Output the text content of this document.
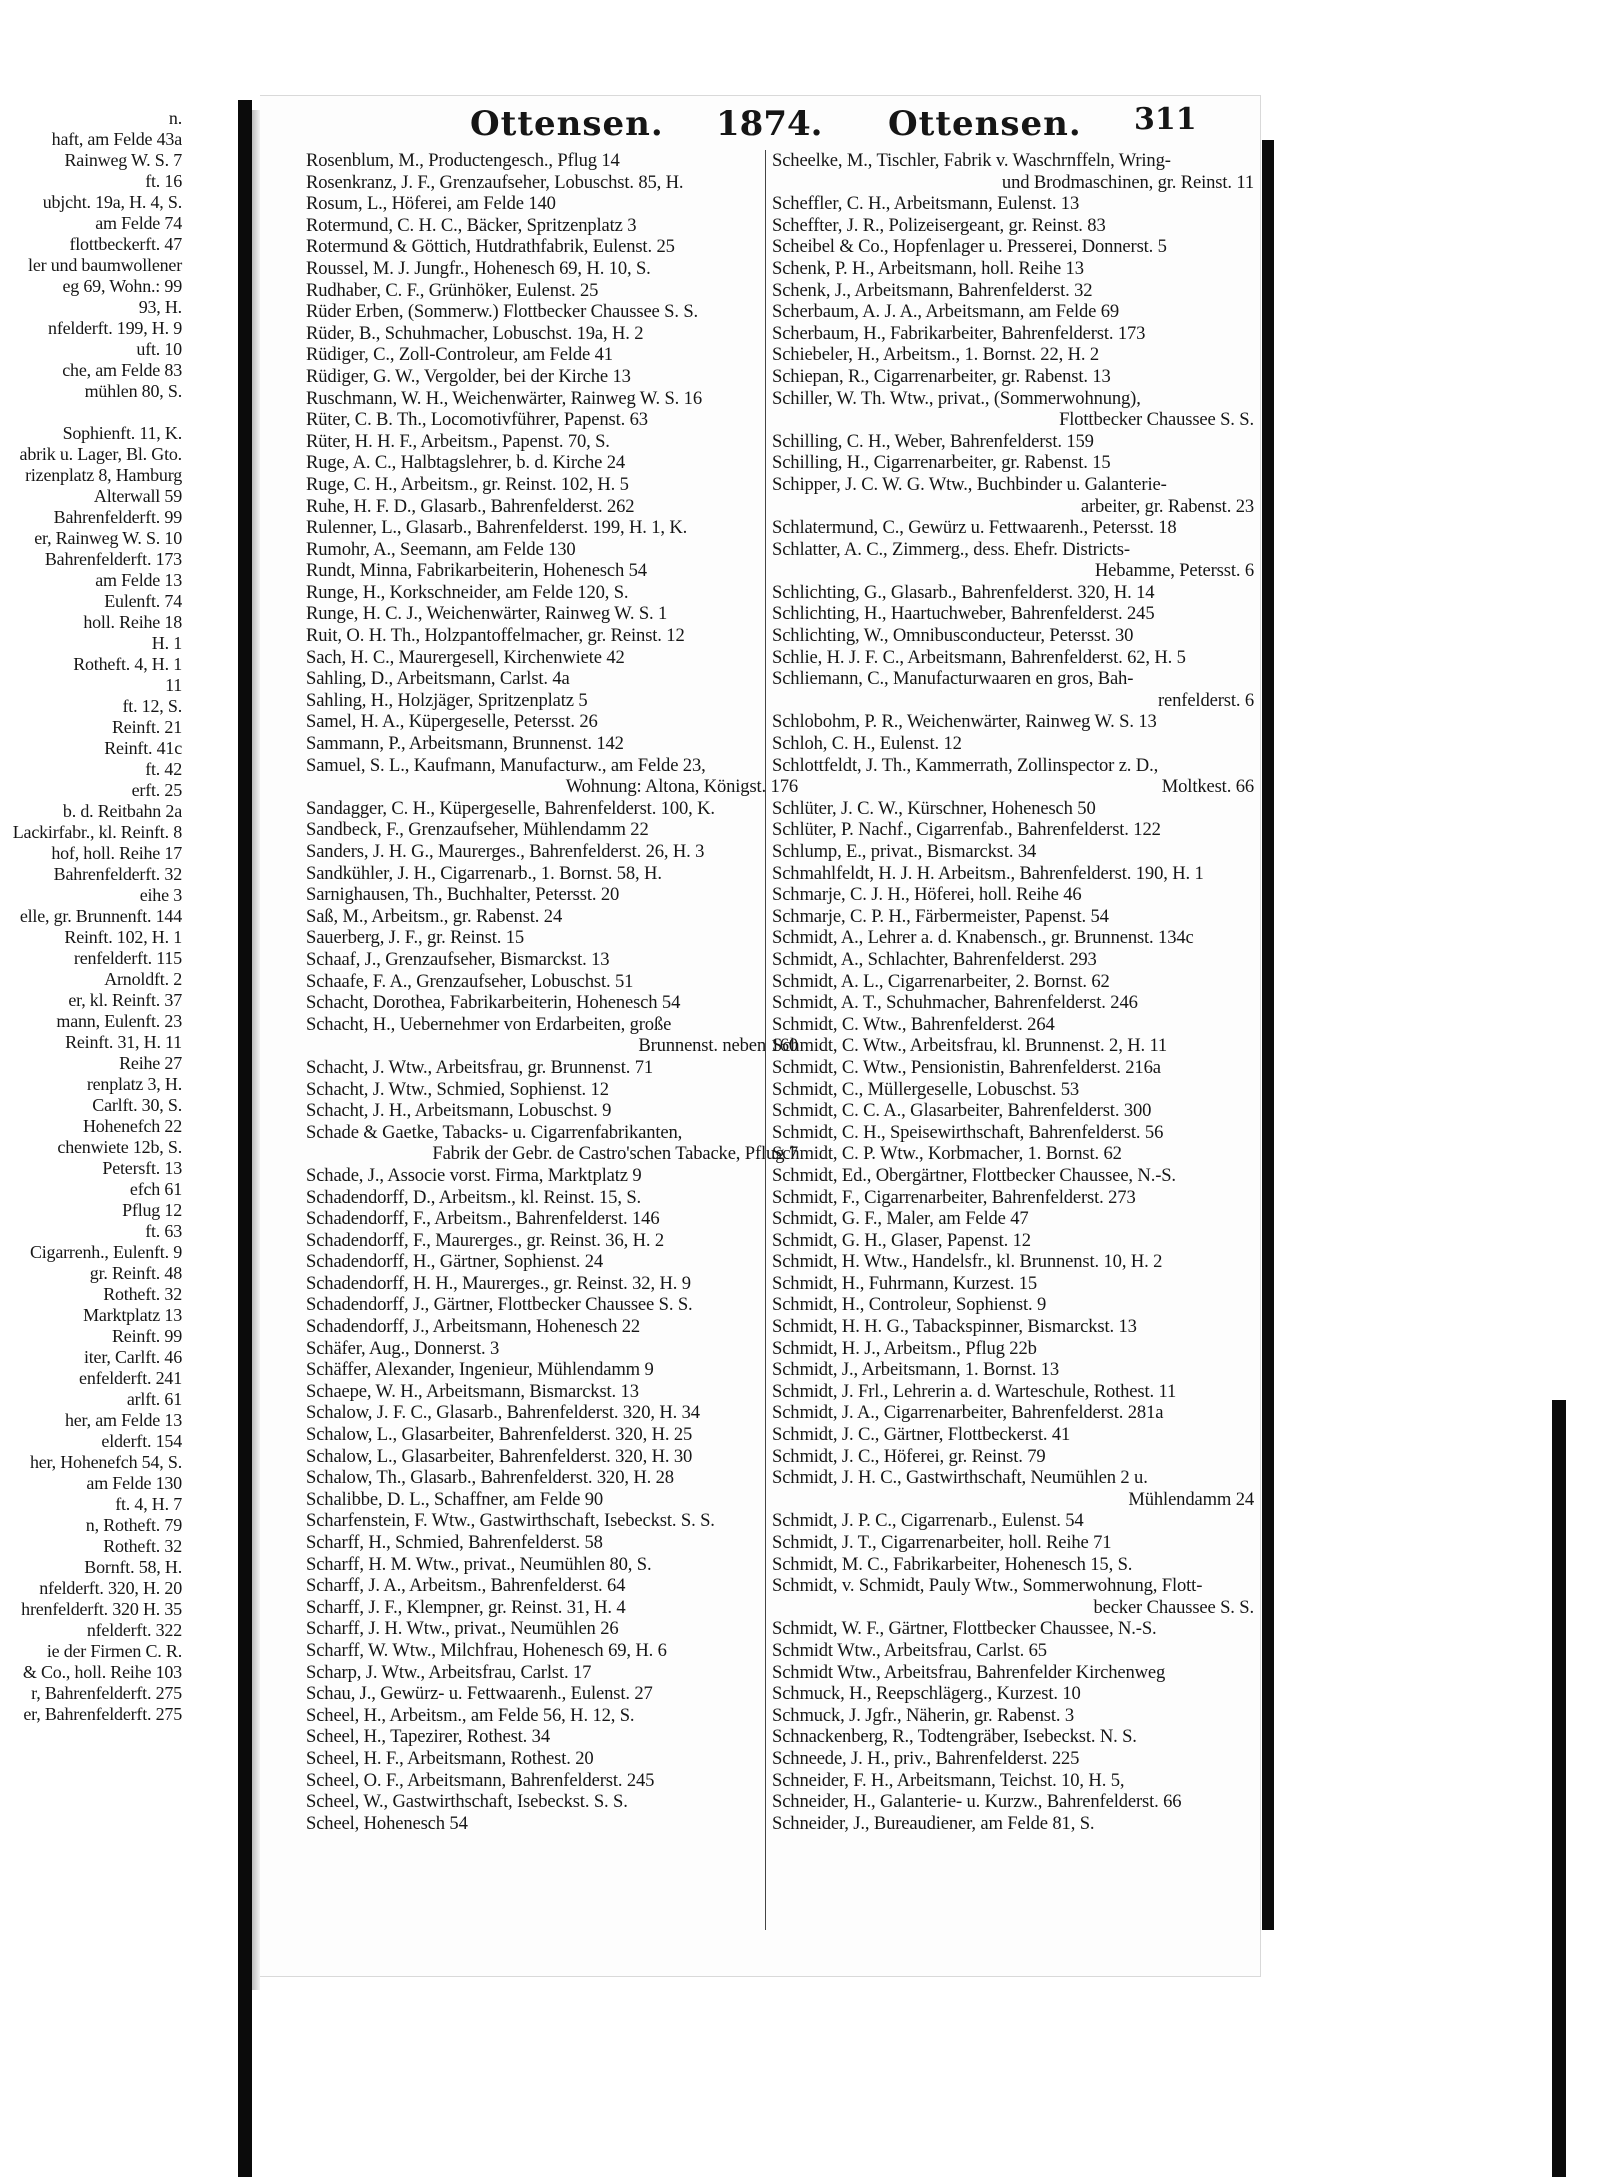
n.
haft, am Felde 43a
Rainweg W. S. 7
ft. 16
ubjcht. 19a, H. 4, S.
am Felde 74
flottbeckerft. 47
ler und baumwollener
eg 69, Wohn.: 99
93, H.
nfelderft. 199, H. 9
uft. 10
che, am Felde 83
mühlen 80, S.
Sophienft. 11, K.
abrik u. Lager, Bl. Gto.
rizenplatz 8, Hamburg
Alterwall 59
Bahrenfelderft. 99
er, Rainweg W. S. 10
Bahrenfelderft. 173
am Felde 13
Eulenft. 74
holl. Reihe 18
H. 1
Rotheft. 4, H. 1
11
ft. 12, S.
Reinft. 21
Reinft. 41c
ft. 42
erft. 25
b. d. Reitbahn 2a
Lackirfabr., kl. Reinft. 8
hof, holl. Reihe 17
Bahrenfelderft. 32
eihe 3
elle, gr. Brunnenft. 144
Reinft. 102, H. 1
renfelderft. 115
Arnoldft. 2
er, kl. Reinft. 37
mann, Eulenft. 23
Reinft. 31, H. 11
Reihe 27
renplatz 3, H.
Carlft. 30, S.
Hohenefch 22
chenwiete 12b, S.
Petersft. 13
efch 61
Pflug 12
ft. 63
Cigarrenh., Eulenft. 9
gr. Reinft. 48
Rotheft. 32
Marktplatz 13
Reinft. 99
iter, Carlft. 46
enfelderft. 241
arlft. 61
her, am Felde 13
elderft. 154
her, Hohenefch 54, S.
am Felde 130
ft. 4, H. 7
n, Rotheft. 79
Rotheft. 32
Bornft. 58, H.
nfelderft. 320, H. 20
hrenfelderft. 320 H. 35
nfelderft. 322
ie der Firmen C. R.
& Co., holl. Reihe 103
r, Bahrenfelderft. 275
er, Bahrenfelderft. 275
Ottensen. 1874. Ottensen. 311
Rosenblum, M., Productengesch., Pflug 14
Rosenkranz, J. F., Grenzaufseher, Lobuschst. 85, H.
Rosum, L., Höferei, am Felde 140
Rotermund, C. H. C., Bäcker, Spritzenplatz 3
Rotermund & Göttich, Hutdrathfabrik, Eulenst. 25
Roussel, M. J. Jungfr., Hohenesch 69, H. 10, S.
Rudhaber, C. F., Grünhöker, Eulenst. 25
Rüder Erben, (Sommerw.) Flottbecker Chaussee S. S.
Rüder, B., Schuhmacher, Lobuschst. 19a, H. 2
Rüdiger, C., Zoll-Controleur, am Felde 41
Rüdiger, G. W., Vergolder, bei der Kirche 13
Ruschmann, W. H., Weichenwärter, Rainweg W. S. 16
Rüter, C. B. Th., Locomotivführer, Papenst. 63
Rüter, H. H. F., Arbeitsm., Papenst. 70, S.
Ruge, A. C., Halbtagslehrer, b. d. Kirche 24
Ruge, C. H., Arbeitsm., gr. Reinst. 102, H. 5
Ruhe, H. F. D., Glasarb., Bahrenfelderst. 262
Rulenner, L., Glasarb., Bahrenfelderst. 199, H. 1, K.
Rumohr, A., Seemann, am Felde 130
Rundt, Minna, Fabrikarbeiterin, Hohenesch 54
Runge, H., Korkschneider, am Felde 120, S.
Runge, H. C. J., Weichenwärter, Rainweg W. S. 1
Ruit, O. H. Th., Holzpantoffelmacher, gr. Reinst. 12
Sach, H. C., Maurergesell, Kirchenwiete 42
Sahling, D., Arbeitsmann, Carlst. 4a
Sahling, H., Holzjäger, Spritzenplatz 5
Samel, H. A., Küpergeselle, Petersst. 26
Sammann, P., Arbeitsmann, Brunnenst. 142
Samuel, S. L., Kaufmann, Manufacturw., am Felde 23,
Wohnung: Altona, Königst. 176
Sandagger, C. H., Küpergeselle, Bahrenfelderst. 100, K.
Sandbeck, F., Grenzaufseher, Mühlendamm 22
Sanders, J. H. G., Maurerges., Bahrenfelderst. 26, H. 3
Sandkühler, J. H., Cigarrenarb., 1. Bornst. 58, H.
Sarnighausen, Th., Buchhalter, Petersst. 20
Saß, M., Arbeitsm., gr. Rabenst. 24
Sauerberg, J. F., gr. Reinst. 15
Schaaf, J., Grenzaufseher, Bismarckst. 13
Schaafe, F. A., Grenzaufseher, Lobuschst. 51
Schacht, Dorothea, Fabrikarbeiterin, Hohenesch 54
Schacht, H., Uebernehmer von Erdarbeiten, große
Brunnenst. neben 160
Schacht, J. Wtw., Arbeitsfrau, gr. Brunnenst. 71
Schacht, J. Wtw., Schmied, Sophienst. 12
Schacht, J. H., Arbeitsmann, Lobuschst. 9
Schade & Gaetke, Tabacks- u. Cigarrenfabrikanten,
Fabrik der Gebr. de Castro'schen Tabacke, Pflug 7
Schade, J., Associe vorst. Firma, Marktplatz 9
Schadendorff, D., Arbeitsm., kl. Reinst. 15, S.
Schadendorff, F., Arbeitsm., Bahrenfelderst. 146
Schadendorff, F., Maurerges., gr. Reinst. 36, H. 2
Schadendorff, H., Gärtner, Sophienst. 24
Schadendorff, H. H., Maurerges., gr. Reinst. 32, H. 9
Schadendorff, J., Gärtner, Flottbecker Chaussee S. S.
Schadendorff, J., Arbeitsmann, Hohenesch 22
Schäfer, Aug., Donnerst. 3
Schäffer, Alexander, Ingenieur, Mühlendamm 9
Schaepe, W. H., Arbeitsmann, Bismarckst. 13
Schalow, J. F. C., Glasarb., Bahrenfelderst. 320, H. 34
Schalow, L., Glasarbeiter, Bahrenfelderst. 320, H. 25
Schalow, L., Glasarbeiter, Bahrenfelderst. 320, H. 30
Schalow, Th., Glasarb., Bahrenfelderst. 320, H. 28
Schalibbe, D. L., Schaffner, am Felde 90
Scharfenstein, F. Wtw., Gastwirthschaft, Isebeckst. S. S.
Scharff, H., Schmied, Bahrenfelderst. 58
Scharff, H. M. Wtw., privat., Neumühlen 80, S.
Scharff, J. A., Arbeitsm., Bahrenfelderst. 64
Scharff, J. F., Klempner, gr. Reinst. 31, H. 4
Scharff, J. H. Wtw., privat., Neumühlen 26
Scharff, W. Wtw., Milchfrau, Hohenesch 69, H. 6
Scharp, J. Wtw., Arbeitsfrau, Carlst. 17
Schau, J., Gewürz- u. Fettwaarenh., Eulenst. 27
Scheel, H., Arbeitsm., am Felde 56, H. 12, S.
Scheel, H., Tapezirer, Rothest. 34
Scheel, H. F., Arbeitsmann, Rothest. 20
Scheel, O. F., Arbeitsmann, Bahrenfelderst. 245
Scheel, W., Gastwirthschaft, Isebeckst. S. S.
Scheel, Hohenesch 54
Scheelke, M., Tischler, Fabrik v. Waschrnffeln, Wring-
und Brodmaschinen, gr. Reinst. 11
Scheffler, C. H., Arbeitsmann, Eulenst. 13
Scheffter, J. R., Polizeisergeant, gr. Reinst. 83
Scheibel & Co., Hopfenlager u. Presserei, Donnerst. 5
Schenk, P. H., Arbeitsmann, holl. Reihe 13
Schenk, J., Arbeitsmann, Bahrenfelderst. 32
Scherbaum, A. J. A., Arbeitsmann, am Felde 69
Scherbaum, H., Fabrikarbeiter, Bahrenfelderst. 173
Schiebeler, H., Arbeitsm., 1. Bornst. 22, H. 2
Schiepan, R., Cigarrenarbeiter, gr. Rabenst. 13
Schiller, W. Th. Wtw., privat., (Sommerwohnung),
Flottbecker Chaussee S. S.
Schilling, C. H., Weber, Bahrenfelderst. 159
Schilling, H., Cigarrenarbeiter, gr. Rabenst. 15
Schipper, J. C. W. G. Wtw., Buchbinder u. Galanterie-
arbeiter, gr. Rabenst. 23
Schlatermund, C., Gewürz u. Fettwaarenh., Petersst. 18
Schlatter, A. C., Zimmerg., dess. Ehefr. Districts-
Hebamme, Petersst. 6
Schlichting, G., Glasarb., Bahrenfelderst. 320, H. 14
Schlichting, H., Haartuchweber, Bahrenfelderst. 245
Schlichting, W., Omnibusconducteur, Petersst. 30
Schlie, H. J. F. C., Arbeitsmann, Bahrenfelderst. 62, H. 5
Schliemann, C., Manufacturwaaren en gros, Bah-
renfelderst. 6
Schlobohm, P. R., Weichenwärter, Rainweg W. S. 13
Schloh, C. H., Eulenst. 12
Schlottfeldt, J. Th., Kammerrath, Zollinspector z. D.,
Moltkest. 66
Schlüter, J. C. W., Kürschner, Hohenesch 50
Schlüter, P. Nachf., Cigarrenfab., Bahrenfelderst. 122
Schlump, E., privat., Bismarckst. 34
Schmahlfeldt, H. J. H. Arbeitsm., Bahrenfelderst. 190, H. 1
Schmarje, C. J. H., Höferei, holl. Reihe 46
Schmarje, C. P. H., Färbermeister, Papenst. 54
Schmidt, A., Lehrer a. d. Knabensch., gr. Brunnenst. 134c
Schmidt, A., Schlachter, Bahrenfelderst. 293
Schmidt, A. L., Cigarrenarbeiter, 2. Bornst. 62
Schmidt, A. T., Schuhmacher, Bahrenfelderst. 246
Schmidt, C. Wtw., Bahrenfelderst. 264
Schmidt, C. Wtw., Arbeitsfrau, kl. Brunnenst. 2, H. 11
Schmidt, C. Wtw., Pensionistin, Bahrenfelderst. 216a
Schmidt, C., Müllergeselle, Lobuschst. 53
Schmidt, C. C. A., Glasarbeiter, Bahrenfelderst. 300
Schmidt, C. H., Speisewirthschaft, Bahrenfelderst. 56
Schmidt, C. P. Wtw., Korbmacher, 1. Bornst. 62
Schmidt, Ed., Obergärtner, Flottbecker Chaussee, N.-S.
Schmidt, F., Cigarrenarbeiter, Bahrenfelderst. 273
Schmidt, G. F., Maler, am Felde 47
Schmidt, G. H., Glaser, Papenst. 12
Schmidt, H. Wtw., Handelsfr., kl. Brunnenst. 10, H. 2
Schmidt, H., Fuhrmann, Kurzest. 15
Schmidt, H., Controleur, Sophienst. 9
Schmidt, H. H. G., Tabackspinner, Bismarckst. 13
Schmidt, H. J., Arbeitsm., Pflug 22b
Schmidt, J., Arbeitsmann, 1. Bornst. 13
Schmidt, J. Frl., Lehrerin a. d. Warteschule, Rothest. 11
Schmidt, J. A., Cigarrenarbeiter, Bahrenfelderst. 281a
Schmidt, J. C., Gärtner, Flottbeckerst. 41
Schmidt, J. C., Höferei, gr. Reinst. 79
Schmidt, J. H. C., Gastwirthschaft, Neumühlen 2 u.
Mühlendamm 24
Schmidt, J. P. C., Cigarrenarb., Eulenst. 54
Schmidt, J. T., Cigarrenarbeiter, holl. Reihe 71
Schmidt, M. C., Fabrikarbeiter, Hohenesch 15, S.
Schmidt, v. Schmidt, Pauly Wtw., Sommerwohnung, Flott-
becker Chaussee S. S.
Schmidt, W. F., Gärtner, Flottbecker Chaussee, N.-S.
Schmidt Wtw., Arbeitsfrau, Carlst. 65
Schmidt Wtw., Arbeitsfrau, Bahrenfelder Kirchenweg
Schmuck, H., Reepschlägerg., Kurzest. 10
Schmuck, J. Jgfr., Näherin, gr. Rabenst. 3
Schnackenberg, R., Todtengräber, Isebeckst. N. S.
Schneede, J. H., priv., Bahrenfelderst. 225
Schneider, F. H., Arbeitsmann, Teichst. 10, H. 5,
Schneider, H., Galanterie- u. Kurzw., Bahrenfelderst. 66
Schneider, J., Bureaudiener, am Felde 81, S.
